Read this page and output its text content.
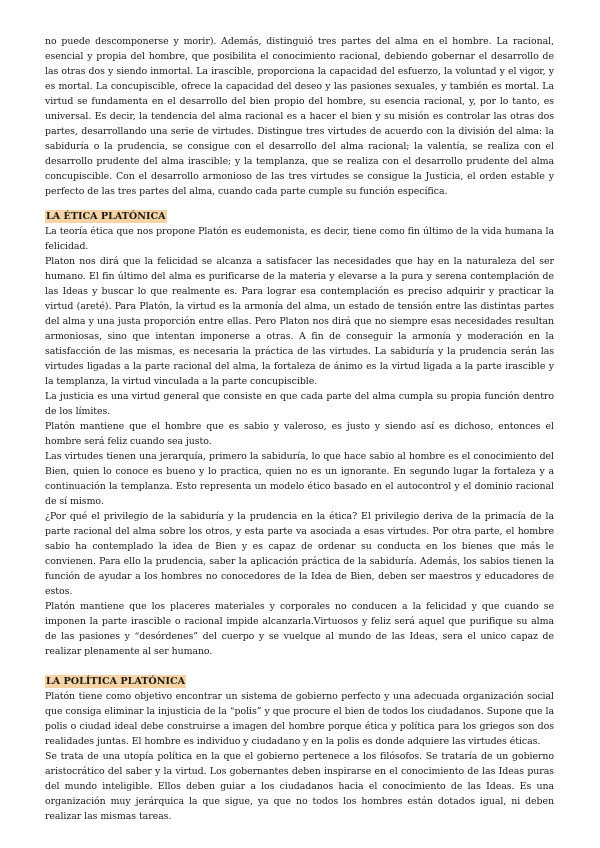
no puede descomponerse y morir). Además, distinguió tres partes del alma en el hombre. La racional, esencial y propia del hombre, que posibilita el conocimiento racional, debiendo gobernar el desarrollo de las otras dos y siendo inmortal. La irascible, proporciona la capacidad del esfuerzo, la voluntad y el vigor, y es mortal. La concupiscible, ofrece la capacidad del deseo y las pasiones sexuales, y también es mortal. La virtud se fundamenta en el desarrollo del bien propio del hombre, su esencia racional, y, por lo tanto, es universal. Es decir, la tendencia del alma racional es a hacer el bien y su misión es controlar las otras dos partes, desarrollando una serie de virtudes. Distingue tres virtudes de acuerdo con la división del alma: la sabiduría o la prudencia, se consigue con el desarrollo del alma racional; la valentía, se realiza con el desarrollo prudente del alma irascible; y la templanza, que se realiza con el desarrollo prudente del alma concupiscible. Con el desarrollo armonioso de las tres virtudes se consigue la Justicia, el orden estable y perfecto de las tres partes del alma, cuando cada parte cumple su función específica.

LA ÉTICA PLATÓNICA

La teoría ética que nos propone Platón es eudemonista, es decir, tiene como fin último de la vida humana la felicidad.

Platon nos dirá que la felicidad se alcanza a satisfacer las necesidades que hay en la naturaleza del ser humano. El fin último del alma es purificarse de la materia y elevarse a la pura y serena contemplación de las Ideas y buscar lo que realmente es. Para lograr esa contemplación es preciso adquirir y practicar la virtud (areté). Para Platón, la virtud es la armonía del alma, un estado de tensión entre las distintas partes del alma y una justa proporción entre ellas. Pero Platon nos dirá que no siempre esas necesidades resultan armoniosas, sino que intentan imponerse a otras. A fin de conseguir la armonía y moderación en la satisfacción de las mismas, es necesaria la práctica de las virtudes. La sabiduría y la prudencia serán las virtudes ligadas a la parte racional del alma, la fortaleza de ánimo es la virtud ligada a la parte irascible y la templanza, la virtud vinculada a la parte concupiscible.

La justicia es una virtud general que consiste en que cada parte del alma cumpla su propia función dentro de los límites.

Platón mantiene que el hombre que es sabio y valeroso, es justo y siendo así es dichoso, entonces el hombre será feliz cuando sea justo.

Las virtudes tienen una jerarquía, primero la sabiduría, lo que hace sabio al hombre es el conocimiento del Bien, quien lo conoce es bueno y lo practica, quien no es un ignorante. En segundo lugar la fortaleza y a continuación la templanza. Esto representa un modelo ético basado en el autocontrol y el dominio racional de sí mismo.

¿Por qué el privilegio de la sabiduría y la prudencia en la ética? El privilegio deriva de la primacía de la parte racional del alma sobre los otros, y esta parte va asociada a esas virtudes. Por otra parte, el hombre sabio ha contemplado la idea de Bien y es capaz de ordenar su conducta en los bienes que más le convienen. Para ello la prudencia, saber la aplicación práctica de la sabiduría. Además, los sabios tienen la función de ayudar a los hombres no conocedores de la Idea de Bien, deben ser maestros y educadores de estos.

Platón mantiene que los placeres materiales y corporales no conducen a la felicidad y que cuando se imponen la parte irascible o racional impide alcanzarla.Virtuosos y feliz será aquel que purifique su alma de las pasiones y “desórdenes” del cuerpo y se vuelque al mundo de las Ideas, sera el unico capaz de realizar plenamente al ser humano.

LA POLÍTICA PLATÓNICA

Platón tiene como objetivo encontrar un sistema de gobierno perfecto y una adecuada organización social que consiga eliminar la injusticia de la “polis” y que procure el bien de todos los ciudadanos. Supone que la polis o ciudad ideal debe construirse a imagen del hombre porque ética y política para los griegos son dos realidades juntas. El hombre es individuo y ciudadano y en la polis es donde adquiere las virtudes éticas.

Se trata de una utopía política en la que el gobierno pertenece a los filósofos. Se trataría de un gobierno aristocrático del saber y la virtud. Los gobernantes deben inspirarse en el conocimiento de las Ideas puras del mundo inteligible. Ellos deben guiar a los ciudadanos hacia el conocimiento de las Ideas. Es una organización muy jerárquica la que sigue, ya que no todos los hombres están dotados igual, ni deben realizar las mismas tareas.
